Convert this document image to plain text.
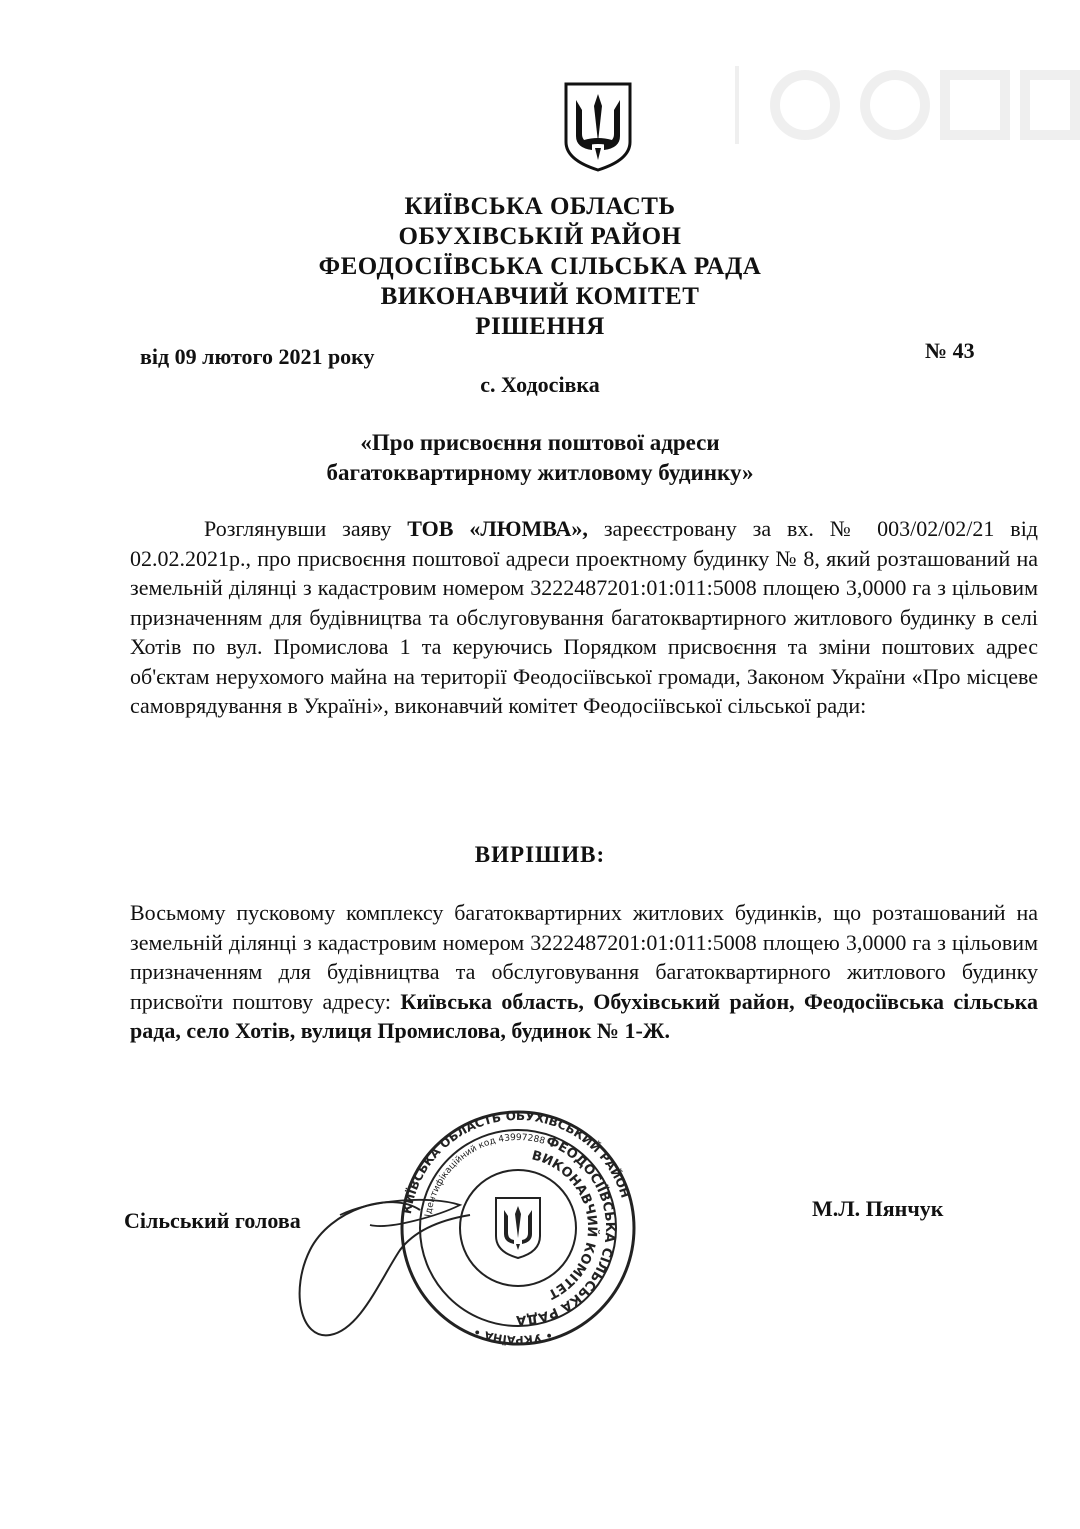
КИЇВСЬКА ОБЛАСТЬ
ОБУХІВСЬКІЙ РАЙОН
ФЕОДОСІЇВСЬКА СІЛЬСЬКА РАДА
ВИКОНАВЧИЙ КОМІТЕТ
РІШЕННЯ
від 09 лютого 2021 року	№ 43
с. Ходосівка
«Про присвоєння поштової адреси
багатоквартирному житловому будинку»
Розглянувши заяву ТОВ «ЛЮМВА», зареєстровану за вх. № 003/02/02/21 від 02.02.2021р., про присвоєння поштової адреси проектному будинку № 8, який розташований на земельній ділянці з кадастровим номером 3222487201:01:011:5008 площею 3,0000 га з цільовим призначенням для будівництва та обслуговування багатоквартирного житлового будинку в селі Хотів по вул. Промислова 1 та керуючись Порядком присвоєння та зміни поштових адрес об'єктам нерухомого майна на території Феодосіївської громади, Законом України «Про місцеве самоврядування в Україні», виконавчий комітет Феодосіївської сільської ради:
ВИРІШИВ:
Восьмому пусковому комплексу багатоквартирних житлових будинків, що розташований на земельній ділянці з кадастровим номером 3222487201:01:011:5008 площею 3,0000 га з цільовим призначенням для будівництва та обслуговування багатоквартирного житлового будинку присвоїти поштову адресу: Київська область, Обухівський район, Феодосіївська сільська рада, село Хотів, вулиця Промислова, будинок № 1-Ж.
Сільський голова	М.Л. Пянчук
КИЇВСЬКА ОБЛАСТЬ ОБУХІВСЬКИЙ РАЙОН
ФЕОДОСІЇВСЬКА СІЛЬСЬКА РАДА
ВИКОНАВЧИЙ КОМІТЕТ
Ідентифікаційний код 43997288
• УКРАЇНА •
